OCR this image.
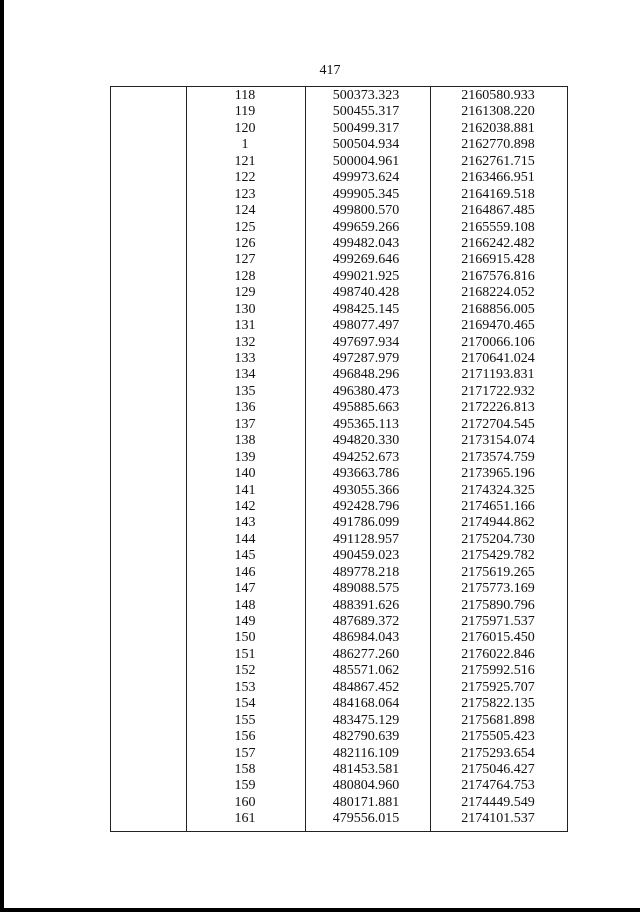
417
118	500373.323	2160580.933
119	500455.317	2161308.220
120	500499.317	2162038.881
1	500504.934	2162770.898
121	500004.961	2162761.715
122	499973.624	2163466.951
123	499905.345	2164169.518
124	499800.570	2164867.485
125	499659.266	2165559.108
126	499482.043	2166242.482
127	499269.646	2166915.428
128	499021.925	2167576.816
129	498740.428	2168224.052
130	498425.145	2168856.005
131	498077.497	2169470.465
132	497697.934	2170066.106
133	497287.979	2170641.024
134	496848.296	2171193.831
135	496380.473	2171722.932
136	495885.663	2172226.813
137	495365.113	2172704.545
138	494820.330	2173154.074
139	494252.673	2173574.759
140	493663.786	2173965.196
141	493055.366	2174324.325
142	492428.796	2174651.166
143	491786.099	2174944.862
144	491128.957	2175204.730
145	490459.023	2175429.782
146	489778.218	2175619.265
147	489088.575	2175773.169
148	488391.626	2175890.796
149	487689.372	2175971.537
150	486984.043	2176015.450
151	486277.260	2176022.846
152	485571.062	2175992.516
153	484867.452	2175925.707
154	484168.064	2175822.135
155	483475.129	2175681.898
156	482790.639	2175505.423
157	482116.109	2175293.654
158	481453.581	2175046.427
159	480804.960	2174764.753
160	480171.881	2174449.549
161	479556.015	2174101.537
